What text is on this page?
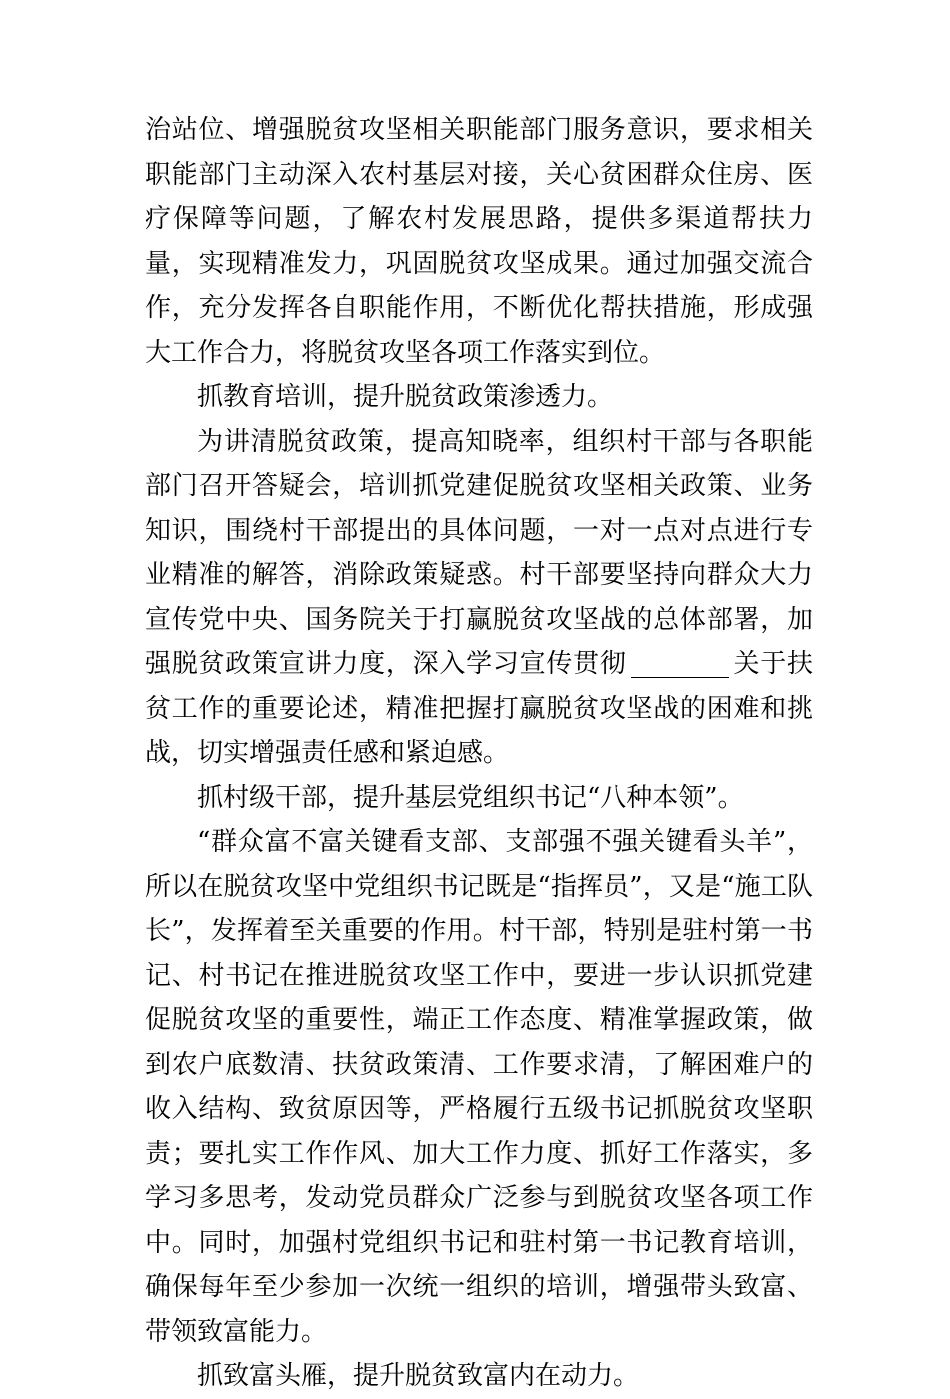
治站位、增强脱贫攻坚相关职能部门服务意识，要求相关职能部门主动深入农村基层对接，关心贫困群众住房、医疗保障等问题，了解农村发展思路，提供多渠道帮扶力量，实现精准发力，巩固脱贫攻坚成果。通过加强交流合作，充分发挥各自职能作用，不断优化帮扶措施，形成强大工作合力，将脱贫攻坚各项工作落实到位。

抓教育培训，提升脱贫政策渗透力。

为讲清脱贫政策，提高知晓率，组织村干部与各职能部门召开答疑会，培训抓党建促脱贫攻坚相关政策、业务知识，围绕村干部提出的具体问题，一对一点对点进行专业精准的解答，消除政策疑惑。村干部要坚持向群众大力宣传党中央、国务院关于打赢脱贫攻坚战的总体部署，加强脱贫政策宣讲力度，深入学习宣传贯彻	关于扶贫工作的重要论述，精准把握打赢脱贫攻坚战的困难和挑战，切实增强责任感和紧迫感。

抓村级干部，提升基层党组织书记“八种本领”。

“群众富不富关键看支部、支部强不强关键看头羊”，所以在脱贫攻坚中党组织书记既是“指挥员”，又是“施工队长”，发挥着至关重要的作用。村干部，特别是驻村第一书记、村书记在推进脱贫攻坚工作中，要进一步认识抓党建促脱贫攻坚的重要性，端正工作态度、精准掌握政策，做到农户底数清、扶贫政策清、工作要求清，了解困难户的收入结构、致贫原因等，严格履行五级书记抓脱贫攻坚职责；要扎实工作作风、加大工作力度、抓好工作落实，多学习多思考，发动党员群众广泛参与到脱贫攻坚各项工作中。同时，加强村党组织书记和驻村第一书记教育培训，确保每年至少参加一次统一组织的培训，增强带头致富、带领致富能力。

抓致富头雁，提升脱贫致富内在动力。
